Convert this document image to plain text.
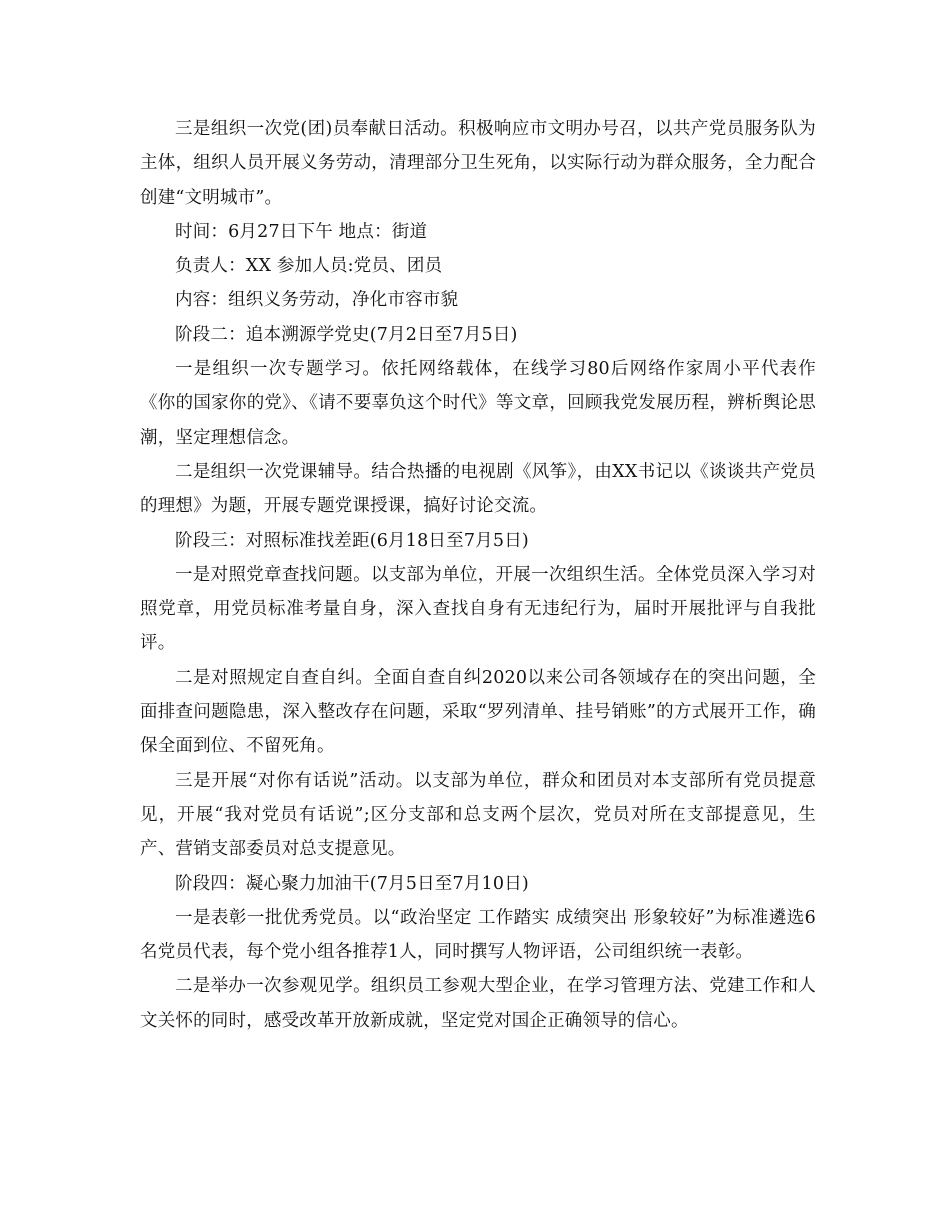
三是组织一次党(团)员奉献日活动。积极响应市文明办号召，以共产党员服务队为主体，组织人员开展义务劳动，清理部分卫生死角，以实际行动为群众服务，全力配合创建“文明城市”。

时间：6月27日下午 地点：街道

负责人：XX 参加人员:党员、团员

内容：组织义务劳动，净化市容市貌

阶段二：追本溯源学党史(7月2日至7月5日)

一是组织一次专题学习。依托网络载体，在线学习80后网络作家周小平代表作《你的国家你的党》、《请不要辜负这个时代》等文章，回顾我党发展历程，辨析舆论思潮，坚定理想信念。

二是组织一次党课辅导。结合热播的电视剧《风筝》，由XX书记以《谈谈共产党员的理想》为题，开展专题党课授课，搞好讨论交流。

阶段三：对照标准找差距(6月18日至7月5日)

一是对照党章查找问题。以支部为单位，开展一次组织生活。全体党员深入学习对照党章，用党员标准考量自身，深入查找自身有无违纪行为，届时开展批评与自我批评。

二是对照规定自查自纠。全面自查自纠2020以来公司各领域存在的突出问题，全面排查问题隐患，深入整改存在问题，采取“罗列清单、挂号销账”的方式展开工作，确保全面到位、不留死角。

三是开展“对你有话说”活动。以支部为单位，群众和团员对本支部所有党员提意见，开展“我对党员有话说”;区分支部和总支两个层次，党员对所在支部提意见，生产、营销支部委员对总支提意见。

阶段四：凝心聚力加油干(7月5日至7月10日)

一是表彰一批优秀党员。以“政治坚定 工作踏实 成绩突出 形象较好”为标准遴选6名党员代表，每个党小组各推荐1人，同时撰写人物评语，公司组织统一表彰。

二是举办一次参观见学。组织员工参观大型企业，在学习管理方法、党建工作和人文关怀的同时，感受改革开放新成就，坚定党对国企正确领导的信心。
